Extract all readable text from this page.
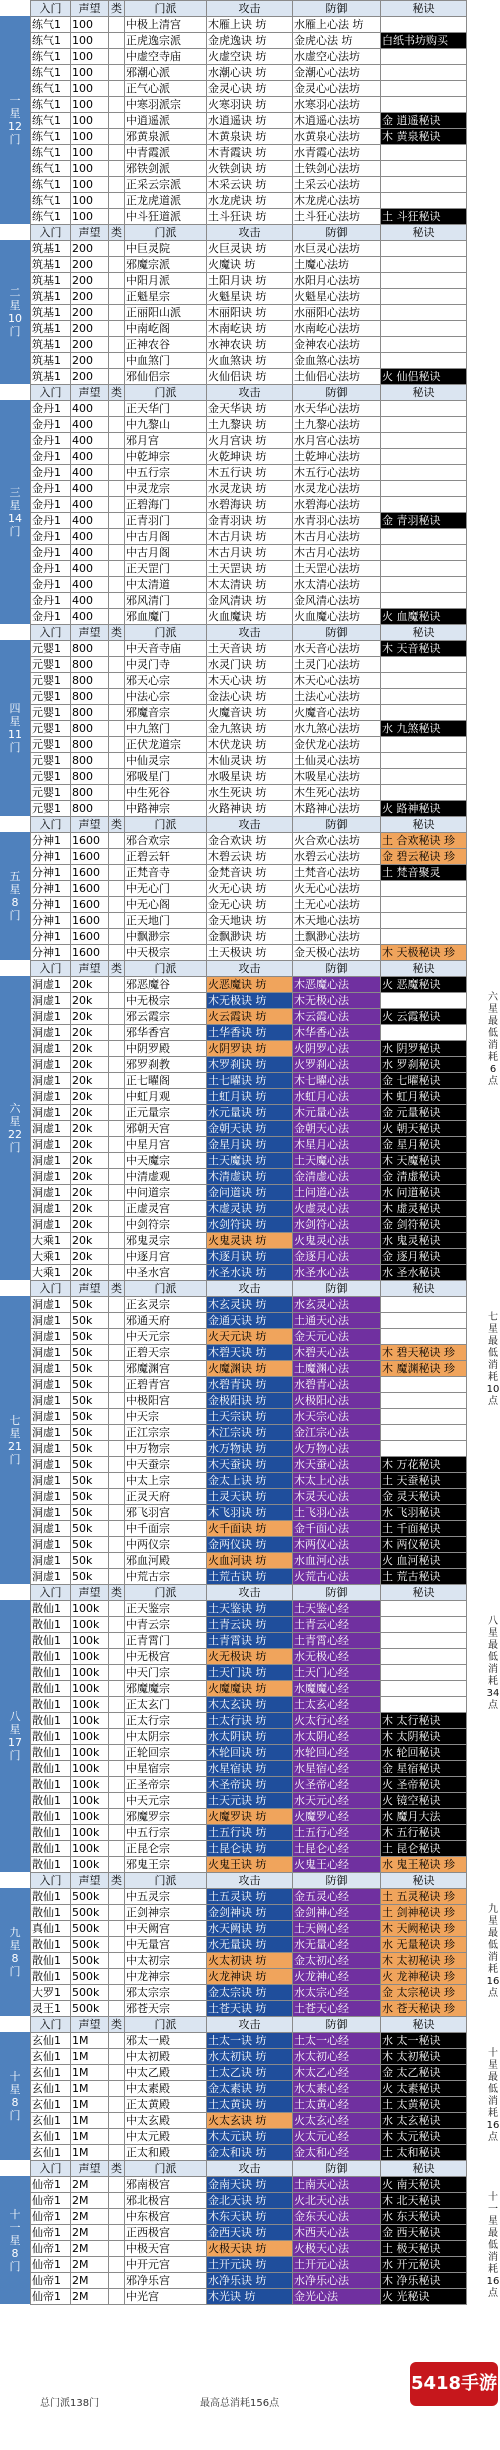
一星12门
入门	声望	类	门派	攻击	防御	秘诀
练气1	100		中极上清宫	木雁上诀 坊	水雁上心法 坊	
练气1	100		正虎逸宗派	金虎逸诀 坊	金虎心法 坊	白纸书坊购买
练气1	100		中虚空寺庙	火虚空诀 坊	水虚空心法坊	
练气1	100		邪潮心派	水潮心诀 坊	金潮心心法坊	
练气1	100		正气心派	金灵心诀 坊	金灵心心法坊	
练气1	100		中寒羽派宗	火寒羽诀 坊	水寒羽心法坊	
练气1	100		中逍遥派	水逍遥诀 坊	木逍遥心法坊	金 逍遥秘诀
练气1	100		邪黄泉派	木黄泉诀 坊	水黄泉心法坊	木 黄泉秘诀
练气1	100		中青霞派	木青霞诀 坊	水青霞心法坊	
练气1	100		邪铁剑派	火铁剑诀 坊	土铁剑心法坊	
练气1	100		正采云宗派	木采云诀 坊	土采云心法坊	
练气1	100		正龙虎道派	水龙虎诀 坊	木龙虎心法坊	
练气1	100		中斗狂道派	土斗狂诀 坊	土斗狂心法坊	土 斗狂秘诀
二星10门
入门	声望	类	门派	攻击	防御	秘诀
筑基1	200		中巨灵院	火巨灵诀 坊	水巨灵心法坊	
筑基1	200		邪魔宗派	火魔诀 坊	土魔心法坊	
筑基1	200		中阳月派	土阳月诀 坊	水阳月心法坊	
筑基1	200		正魁星宗	火魁星诀 坊	火魁星心法坊	
筑基1	200		正丽阳山派	木丽阳诀 坊	水丽阳心法坊	
筑基1	200		中南屹阁	木南屹诀 坊	水南屹心法坊	
筑基1	200		正神农谷	水神农诀 坊	金神农心法坊	
筑基1	200		中血煞门	火血煞诀 坊	金血煞心法坊	
筑基1	200		邪仙侣宗	火仙侣诀 坊	土仙侣心法坊	火 仙侣秘诀
三星14门
入门	声望	类	门派	攻击	防御	秘诀
金丹1	400		正天华门	金天华诀 坊	水天华心法坊	
金丹1	400		中九黎山	土九黎诀 坊	土九黎心法坊	
金丹1	400		邪月宫	火月宫诀 坊	水月宫心法坊	
金丹1	400		中乾坤宗	火乾坤诀 坊	土乾坤心法坊	
金丹1	400		中五行宗	木五行诀 坊	木五行心法坊	
金丹1	400		中灵龙宗	水灵龙诀 坊	水灵龙心法坊	
金丹1	400		正碧海门	水碧海诀 坊	水碧海心法坊	
金丹1	400		正青羽门	金青羽诀 坊	水青羽心法坊	金 青羽秘诀
金丹1	400		中古月阁	木古月诀 坊	木古月心法坊	
金丹1	400		中古月阁	木古月诀 坊	木古月心法坊	
金丹1	400		正天罡门	土天罡诀 坊	土天罡心法坊	
金丹1	400		中太清道	木太清诀 坊	水太清心法坊	
金丹1	400		邪风清门	金风清诀 坊	金风清心法坊	
金丹1	400		邪血魔门	火血魔诀 坊	火血魔心法坊	火 血魔秘诀
四星11门
入门	声望	类	门派	攻击	防御	秘诀
元婴1	800		中天音寺庙	土天音诀 坊	水天音心法坊	木 天音秘诀
元婴1	800		中灵门寺	水灵门诀 坊	土灵门心法坊	
元婴1	800		邪天心宗	木天心诀 坊	木天心心法坊	
元婴1	800		中法心宗	金法心诀 坊	土法心心法坊	
元婴1	800		邪魔音宗	火魔音诀 坊	火魔音心法坊	
元婴1	800		中九煞门	金九煞诀 坊	水九煞心法坊	水 九煞秘诀
元婴1	800		正伏龙道宗	木伏龙诀 坊	金伏龙心法坊	
元婴1	800		中仙灵宗	木仙灵诀 坊	土仙灵心法坊	
元婴1	800		邪吸星门	水吸星诀 坊	木吸星心法坊	
元婴1	800		中生死谷	水生死诀 坊	木生死心法坊	
元婴1	800		中路神宗	火路神诀 坊	木路神心法坊	火 路神秘诀
五星8门
入门	声望	类	门派	攻击	防御	秘诀
分神1	1600		邪合欢宗	金合欢诀 坊	火合欢心法坊	土 合欢秘诀 珍
分神1	1600		正碧云轩	木碧云诀 坊	水碧云心法坊	金 碧云秘诀 珍
分神1	1600		正梵音寺	金梵音诀 坊	土梵音心法坊	土 梵音聚灵
分神1	1600		中无心门	火无心诀 坊	火无心心法坊	
分神1	1600		中无心阁	金无心诀 坊	土无心心法坊	
分神1	1600		正天地门	金天地诀 坊	木天地心法坊	
分神1	1600		中飘渺宗	金飘渺诀 坊	土飘渺心法坊	
分神1	1600		中天极宗	土天极诀 坊	金天极心法坊	木 天极秘诀 珍
六星22门
入门	声望	类	门派	攻击	防御	秘诀
洞虚1	20k		邪恶魔谷	火恶魔诀 坊	木恶魔心法	火 恶魔秘诀
洞虚1	20k		中无极宗	木无极诀 坊	木无极心法	
洞虚1	20k		邪云霞宗	火云霞诀 坊	木云霞心法	火 云霞秘诀
洞虚1	20k		邪华香宫	土华香诀 坊	木华香心法	
洞虚1	20k		中阴罗殿	火阴罗诀 坊	火阴罗心法	水 阴罗秘诀
洞虚1	20k		邪罗刹教	木罗刹诀 坊	火罗刹心法	水 罗刹秘诀
洞虚1	20k		正七曜阁	土七曜诀 坊	木七曜心法	金 七曜秘诀
洞虚1	20k		中虹月观	土虹月诀 坊	水虹月心法	木 虹月秘诀
洞虚1	20k		正元量宗	水元量诀 坊	木元量心法	金 元量秘诀
洞虚1	20k		邪朝天宫	金朝天诀 坊	金朝天心法	火 朝天秘诀
洞虚1	20k		中星月宫	金星月诀 坊	木星月心法	金 星月秘诀
洞虚1	20k		中天魔宗	土天魔诀 坊	土天魔心法	木 天魔秘诀
洞虚1	20k		中清虚观	木清虚诀 坊	金清虚心法	金 清虚秘诀
洞虚1	20k		中问道宗	金问道诀 坊	土问道心法	水 问道秘诀
洞虚1	20k		正虚灵宫	木虚灵诀 坊	火虚灵心法	木 虚灵秘诀
洞虚1	20k		中剑符宗	水剑符诀 坊	水剑符心法	金 剑符秘诀
大乘1	20k		邪鬼灵宗	火鬼灵诀 坊	火鬼灵心法	水 鬼灵秘诀
大乘1	20k		中逐月宫	木逐月诀 坊	金逐月心法	金 逐月秘诀
大乘1	20k		中圣水宫	水圣水诀 坊	水圣水心法	水 圣水秘诀
六星最低消耗6点
七星21门
入门	声望	类	门派	攻击	防御	秘诀
洞虚1	50k		正玄灵宗	木玄灵诀 坊	水玄灵心法	
洞虚1	50k		邪通天府	金通天诀 坊	土通天心法	
洞虚1	50k		中天元宗	火天元诀 坊	金天元心法	
洞虚1	50k		正碧天宗	木碧天诀 坊	木碧天心法	木 碧天秘诀 珍
洞虚1	50k		邪魔渊宫	火魔渊诀 坊	土魔渊心法	木 魔渊秘诀 珍
洞虚1	50k		正碧青宫	水碧青诀 坊	水碧青心法	
洞虚1	50k		中极阳宫	金极阳诀 坊	火极阳心法	
洞虚1	50k		中天宗	土天宗诀 坊	水天宗心法	
洞虚1	50k		正江宗宗	木江宗诀 坊	金江宗心法	
洞虚1	50k		中万物宗	水万物诀 坊	火万物心法	
洞虚1	50k		中天蚕宗	木天蚕诀 坊	水天蚕心法	木 万花秘诀
洞虚1	50k		中太上宗	金太上诀 坊	木太上心法	土 天蚕秘诀
洞虚1	50k		正灵天府	土灵天诀 坊	木灵天心法	金 灵天秘诀
洞虚1	50k		邪飞羽宫	木飞羽诀 坊	土飞羽心法	水 飞羽秘诀
洞虚1	50k		中千面宗	火千面诀 坊	金千面心法	土 千面秘诀
洞虚1	50k		中两仪宗	金两仪诀 坊	木两仪心法	木 两仪秘诀
洞虚1	50k		邪血河殿	火血河诀 坊	水血河心法	火 血河秘诀
洞虚1	50k		中荒古宗	土荒古诀 坊	火荒古心法	土 荒古秘诀
七星最低消耗10点
八星17门
入门	声望	类	门派	攻击	防御	秘诀
散仙1	100k		正天鉴宗	土天鉴诀 坊	土天鉴心经	
散仙1	100k		中青云宗	土青云诀 坊	土青云心经	
散仙1	100k		正青霄门	土青霄诀 坊	土青霄心经	
散仙1	100k		中无极宫	火无极诀 坊	水无极心经	
散仙1	100k		中天门宗	土天门诀 坊	土天门心经	
散仙1	100k		邪魔魔宗	火魔魔诀 坊	水魔魔心经	
散仙1	100k		正太玄门	木太玄诀 坊	土太玄心经	
散仙1	100k		正太行宗	土太行诀 坊	火太行心经	木 太行秘诀
散仙1	100k		中太阴宗	水太阴诀 坊	水太阴心经	木 太阴秘诀
散仙1	100k		正轮回宗	木轮回诀 坊	水轮回心经	水 轮回秘诀
散仙1	100k		中星宿宗	水星宿诀 坊	水星宿心经	金 星宿秘诀
散仙1	100k		正圣帝宗	木圣帝诀 坊	火圣帝心经	火 圣帝秘诀
散仙1	100k		中天元宗	土天元诀 坊	水天元心经	火 镜空秘诀
散仙1	100k		邪魔罗宗	火魔罗诀 坊	火魔罗心经	水 魔月大法
散仙1	100k		中五行宗	土五行诀 坊	土五行心经	木 五行秘诀
散仙1	100k		正昆仑宗	土昆仑诀 坊	土昆仑心经	土 昆仑秘诀
散仙1	100k		邪鬼王宗	火鬼王诀 坊	火鬼王心经	水 鬼王秘诀 珍
八星最低消耗34点
九星8门
入门	声望	类	门派	攻击	防御	秘诀
散仙1	500k		中五灵宗	土五灵诀 坊	金五灵心经	土 五灵秘诀 珍
散仙1	500k		正剑神宗	金剑神诀 坊	金剑神心经	土 剑神秘诀 珍
真仙1	500k		中天阙宫	水天阙诀 坊	土天阙心经	木 天阙秘诀 珍
散仙1	500k		中无量宫	水无量诀 坊	水无量心经	水 无量秘诀 珍
散仙1	500k		中太初宗	火太初诀 坊	金太初心经	木 太初秘诀 珍
散仙1	500k		中龙神宗	火龙神诀 坊	火龙神心经	火 龙神秘诀 珍
大罗1	500k		邪太宗宗	金太宗诀 坊	水太宗心经	金 太宗秘诀 珍
灵王1	500k		邪苍天宗	土苍天诀 坊	土苍天心经	水 苍天秘诀 珍
九星最低消耗16点
十星8门
入门	声望	类	门派	攻击	防御	秘诀
玄仙1	1M		邪太一殿	土太一诀 坊	土太一心经	水 太一秘诀
玄仙1	1M		中太初殿	水太初诀 坊	水太初心经	木 太初秘诀
玄仙1	1M		中太乙殿	土太乙诀 坊	木太乙心经	金 太乙秘诀
玄仙1	1M		中太素殿	金太素诀 坊	水太素心经	火 太素秘诀
玄仙1	1M		正太黄殿	土太黄诀 坊	土太黄心经	土 太黄秘诀
玄仙1	1M		中太玄殿	火太玄诀 坊	火太玄心经	水 太玄秘诀
玄仙1	1M		中太元殿	木太元诀 坊	火太元心经	木 太元秘诀
玄仙1	1M		正太和殿	金太和诀 坊	金太和心经	土 太和秘诀
十星最低消耗16点
十一星8门
入门	声望	类	门派	攻击	防御	秘诀
仙帝1	2M		邪南极宫	金南天诀 坊	土南天心法	火 南天秘诀
仙帝1	2M		邪北极宫	金北天诀 坊	火北天心法	木 北天秘诀
仙帝1	2M		中东极宫	木东天诀 坊	金东天心法	水 东天秘诀
仙帝1	2M		正西极宫	金西天诀 坊	木西天心法	金 西天秘诀
仙帝1	2M		中极天宫	火极天诀 坊	火极天心法	土 极天秘诀
仙帝1	2M		中开元宫	土开元诀 坊	土开元心法	水 开元秘诀
仙帝1	2M		邪净乐宫	水净乐诀 坊	水净乐心法	木 净乐秘诀
仙帝1	2M		中光宫	木光诀 坊	金光心法	火 光秘诀
十一星最低消耗16点
总门派138门	最高总消耗156点
5418手游网
